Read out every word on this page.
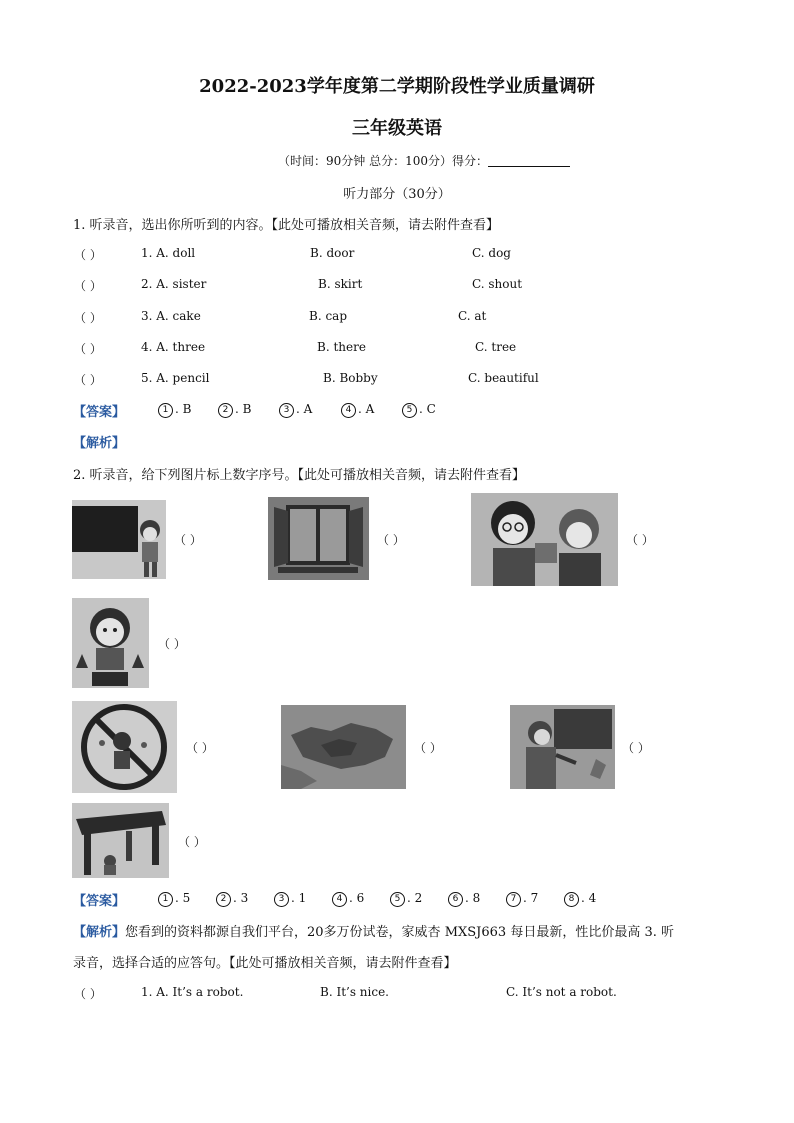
2022-2023学年度第二学期阶段性学业质量调研
三年级英语
（时间：90分钟 总分：100分）得分：
听力部分（30分）
1. 听录音，选出你所听到的内容。【此处可播放相关音频，请去附件查看】
（ ）	1. A. doll	B. door	C. dog
（ ）	2. A. sister	B. skirt	C. shout
（ ）	3. A. cake	B. cap	C. at
（ ）	4. A. three	B. there	C. tree
（ ）	5. A. pencil	B. Bobby	C. beautiful
【答案】	1 . B	2 . B	3 . A	4 . A	5 . C
【解析】
2. 听录音，给下列图片标上数字序号。【此处可播放相关音频，请去附件查看】
（ ）	（ ）	（ ）
（ ）
（ ）	（ ）	（ ）
（ ）
【答案】	1 . 5	2 . 3	3 . 1	4 . 6	5 . 2	6 . 8	7 . 7	8 . 4
【解析】您看到的资料都源自我们平台，20多万份试卷，家威杏 MXSJ663 每日最新，性比价最高 3. 听
录音，选择合适的应答句。【此处可播放相关音频，请去附件查看】
（ ）	1. A. It’s a robot.	B. It’s nice.	C. It’s not a robot.
